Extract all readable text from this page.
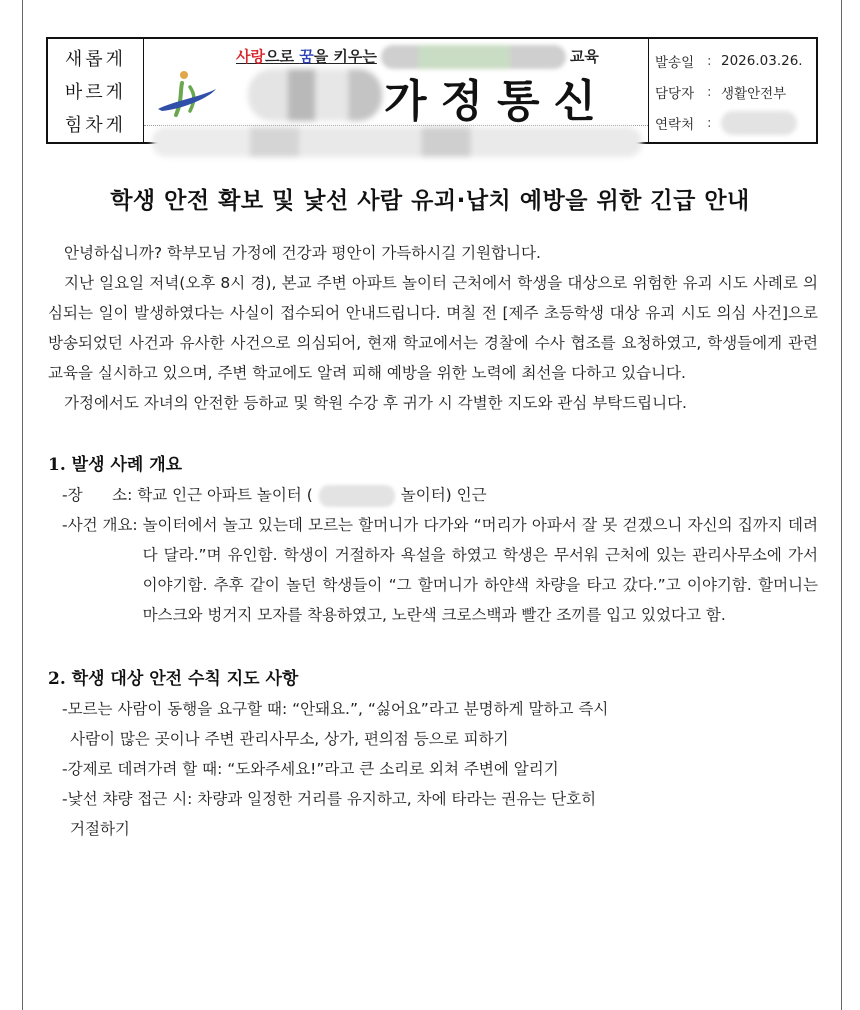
새롭게
바르게
힘차게
사랑으로 꿈을 키우는	교육
가정통신
발송일 : 2026.03.26.
담당자 : 생활안전부
연락처 :
학생 안전 확보 및 낯선 사람 유괴·납치 예방을 위한 긴급 안내

안녕하십니까? 학부모님 가정에 건강과 평안이 가득하시길 기원합니다.

지난 일요일 저녁(오후 8시 경), 본교 주변 아파트 놀이터 근처에서 학생을 대상으로 위험한 유괴 시도 사례로 의심되는 일이 발생하였다는 사실이 접수되어 안내드립니다. 며칠 전 [제주 초등학생 대상 유괴 시도 의심 사건]으로 방송되었던 사건과 유사한 사건으로 의심되어, 현재 학교에서는 경찰에 수사 협조를 요청하였고, 학생들에게 관련 교육을 실시하고 있으며, 주변 학교에도 알려 피해 예방을 위한 노력에 최선을 다하고 있습니다.

가정에서도 자녀의 안전한 등하교 및 학원 수강 후 귀가 시 각별한 지도와 관심 부탁드립니다.

1. 발생 사례 개요

-장      소: 학교 인근 아파트 놀이터 (	놀이터) 인근
-사건 개요: 놀이터에서 놀고 있는데 모르는 할머니가 다가와 “머리가 아파서 잘 못 걷겠으니 자신의 집까지 데려다 달라.”며 유인함. 학생이 거절하자 욕설을 하였고 학생은 무서워 근처에 있는 관리사무소에 가서 이야기함. 추후 같이 놀던 학생들이 “그 할머니가 하얀색 차량을 타고 갔다.”고 이야기함. 할머니는 마스크와 벙거지 모자를 착용하였고, 노란색 크로스백과 빨간 조끼를 입고 있었다고 함.

2. 학생 대상 안전 수칙 지도 사항

-모르는 사람이 동행을 요구할 때: “안돼요.”, “싫어요”라고 분명하게 말하고 즉시
사람이 많은 곳이나 주변 관리사무소, 상가, 편의점 등으로 피하기

-강제로 데려가려 할 때: “도와주세요!”라고 큰 소리로 외쳐 주변에 알리기

-낯선 챠량 접근 시: 차량과 일정한 거리를 유지하고, 차에 타라는 권유는 단호히
거절하기
